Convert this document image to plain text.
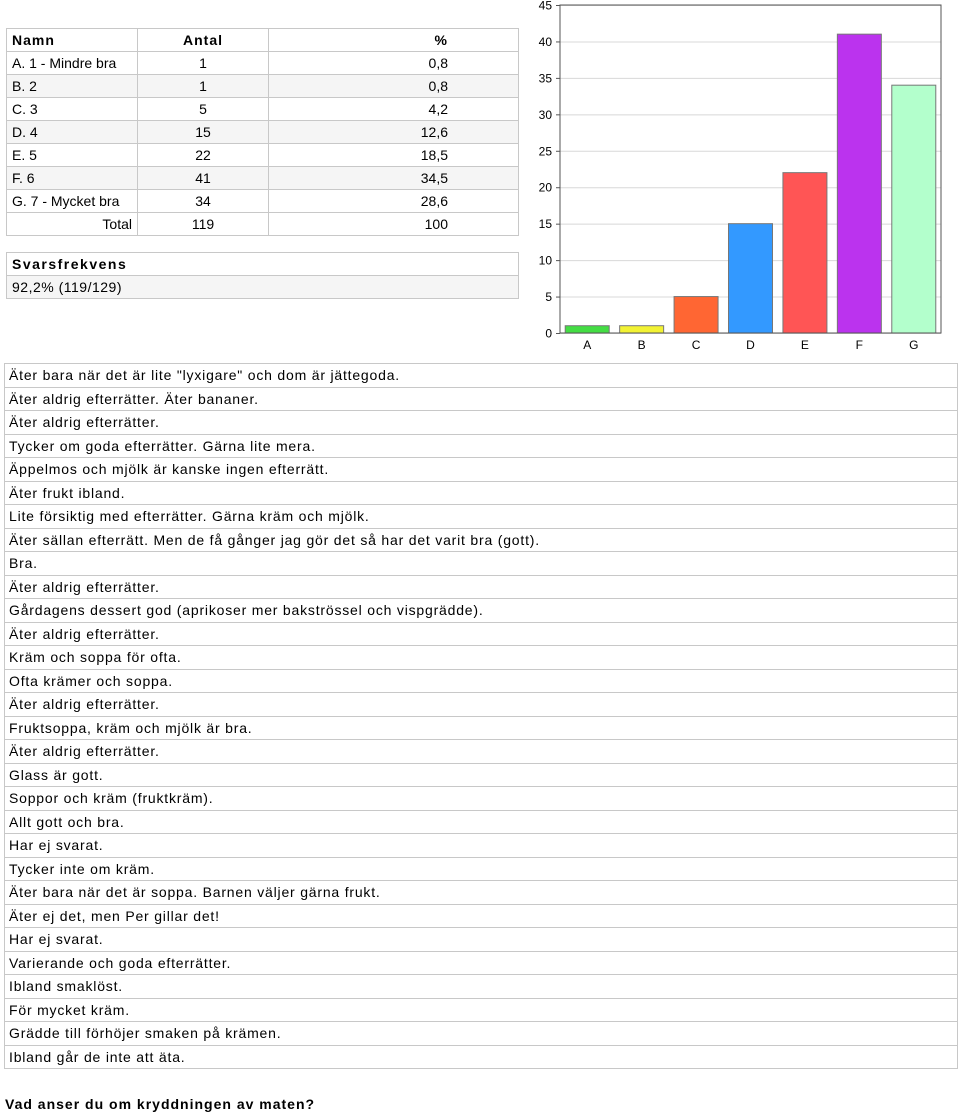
Namn	Antal	%
A. 1 - Mindre bra	1	0,8
B. 2	1	0,8
C. 3	5	4,2
D. 4	15	12,6
E. 5	22	18,5
F. 6	41	34,5
G. 7 - Mycket bra	34	28,6
Total	119	100
Svarsfrekvens
92,2% (119/129)
0
5
10
15
20
25
30
35
40
45
A	B	C	D	E	F	G
Äter bara när det är lite "lyxigare" och dom är jättegoda.
Äter aldrig efterrätter. Äter bananer.
Äter aldrig efterrätter.
Tycker om goda efterrätter. Gärna lite mera.
Äppelmos och mjölk är kanske ingen efterrätt.
Äter frukt ibland.
Lite försiktig med efterrätter. Gärna kräm och mjölk.
Äter sällan efterrätt. Men de få gånger jag gör det så har det varit bra (gott).
Bra.
Äter aldrig efterrätter.
Gårdagens dessert god (aprikoser mer bakströssel och vispgrädde).
Äter aldrig efterrätter.
Kräm och soppa för ofta.
Ofta krämer och soppa.
Äter aldrig efterrätter.
Fruktsoppa, kräm och mjölk är bra.
Äter aldrig efterrätter.
Glass är gott.
Soppor och kräm (fruktkräm).
Allt gott och bra.
Har ej svarat.
Tycker inte om kräm.
Äter bara när det är soppa. Barnen väljer gärna frukt.
Äter ej det, men Per gillar det!
Har ej svarat.
Varierande och goda efterrätter.
Ibland smaklöst.
För mycket kräm.
Grädde till förhöjer smaken på krämen.
Ibland går de inte att äta.
Vad anser du om kryddningen av maten?
